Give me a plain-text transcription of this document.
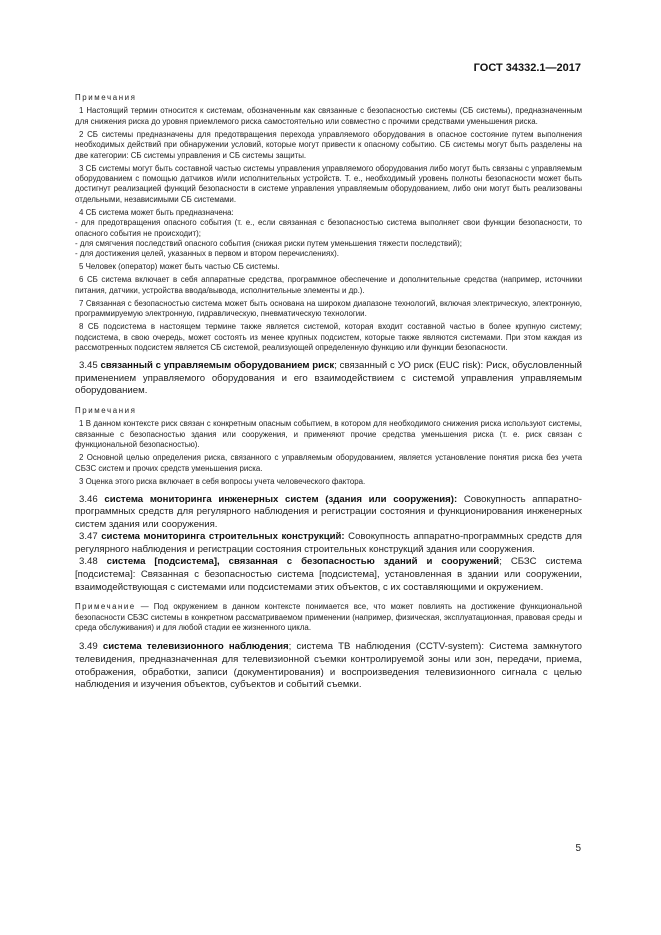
ГОСТ 34332.1—2017

Примечания

1 Настоящий термин относится к системам, обозначенным как связанные с безопасностью системы (СБ системы), предназначенным для снижения риска до уровня приемлемого риска самостоятельно или совместно с прочими средствами уменьшения риска.

2 СБ системы предназначены для предотвращения перехода управляемого оборудования в опасное состояние путем выполнения необходимых действий при обнаружении условий, которые могут привести к опасному событию. СБ системы могут быть разделены на две категории: СБ системы управления и СБ системы защиты.

3 СБ системы могут быть составной частью системы управления управляемого оборудования либо могут быть связаны с управляемым оборудованием с помощью датчиков и/или исполнительных устройств. Т. е., необходимый уровень полноты безопасности может быть достигнут реализацией функций безопасности в системе управления управляемым оборудованием, либо они могут быть реализованы отдельными, независимыми СБ системами.

4 СБ система может быть предназначена:

- для предотвращения опасного события (т. е., если связанная с безопасностью система выполняет свои функции безопасности, то опасного события не происходит);

- для смягчения последствий опасного события (снижая риски путем уменьшения тяжести последствий);

- для достижения целей, указанных в первом и втором перечислениях).

5 Человек (оператор) может быть частью СБ системы.

6 СБ система включает в себя аппаратные средства, программное обеспечение и дополнительные средства (например, источники питания, датчики, устройства ввода/вывода, исполнительные элементы и др.).

7 Связанная с безопасностью система может быть основана на широком диапазоне технологий, включая электрическую, электронную, программируемую электронную, гидравлическую, пневматическую технологии.

8 СБ подсистема в настоящем термине также является системой, которая входит составной частью в более крупную систему; подсистема, в свою очередь, может состоять из менее крупных подсистем, которые также являются системами. При этом каждая из рассмотренных подсистем является СБ системой, реализующей определенную функцию или функции безопасности.

3.45 связанный с управляемым оборудованием риск; связанный с УО риск (EUC risk): Риск, обусловленный применением управляемого оборудования и его взаимодействием с системой управления управляемым оборудованием.

Примечания

1 В данном контексте риск связан с конкретным опасным событием, в котором для необходимого снижения риска используют системы, связанные с безопасностью здания или сооружения, и применяют прочие средства уменьшения риска (т. е. риск связан с функциональной безопасностью).

2 Основной целью определения риска, связанного с управляемым оборудованием, является установление понятия риска без учета СБЗС систем и прочих средств уменьшения риска.

3 Оценка этого риска включает в себя вопросы учета человеческого фактора.

3.46 система мониторинга инженерных систем (здания или сооружения): Совокупность аппаратно-программных средств для регулярного наблюдения и регистрации состояния и функционирования инженерных систем здания или сооружения.

3.47 система мониторинга строительных конструкций: Совокупность аппаратно-программных средств для регулярного наблюдения и регистрации состояния строительных конструкций здания или сооружения.

3.48 система [подсистема], связанная с безопасностью зданий и сооружений; СБЗС система [подсистема]: Связанная с безопасностью система [подсистема], установленная в здании или сооружении, взаимодействующая с системами или подсистемами этих объектов, с их составляющими и окружением.

Примечание — Под окружением в данном контексте понимается все, что может повлиять на достижение функциональной безопасности СБЗС системы в конкретном рассматриваемом применении (например, физическая, эксплуатационная, правовая среды и среда обслуживания) и для любой стадии ее жизненного цикла.

3.49 система телевизионного наблюдения; система ТВ наблюдения (CCTV-system): Система замкнутого телевидения, предназначенная для телевизионной съемки контролируемой зоны или зон, передачи, приема, отображения, обработки, записи (документирования) и воспроизведения телевизионного сигнала с целью наблюдения и изучения объектов, субъектов и событий съемки.

5
